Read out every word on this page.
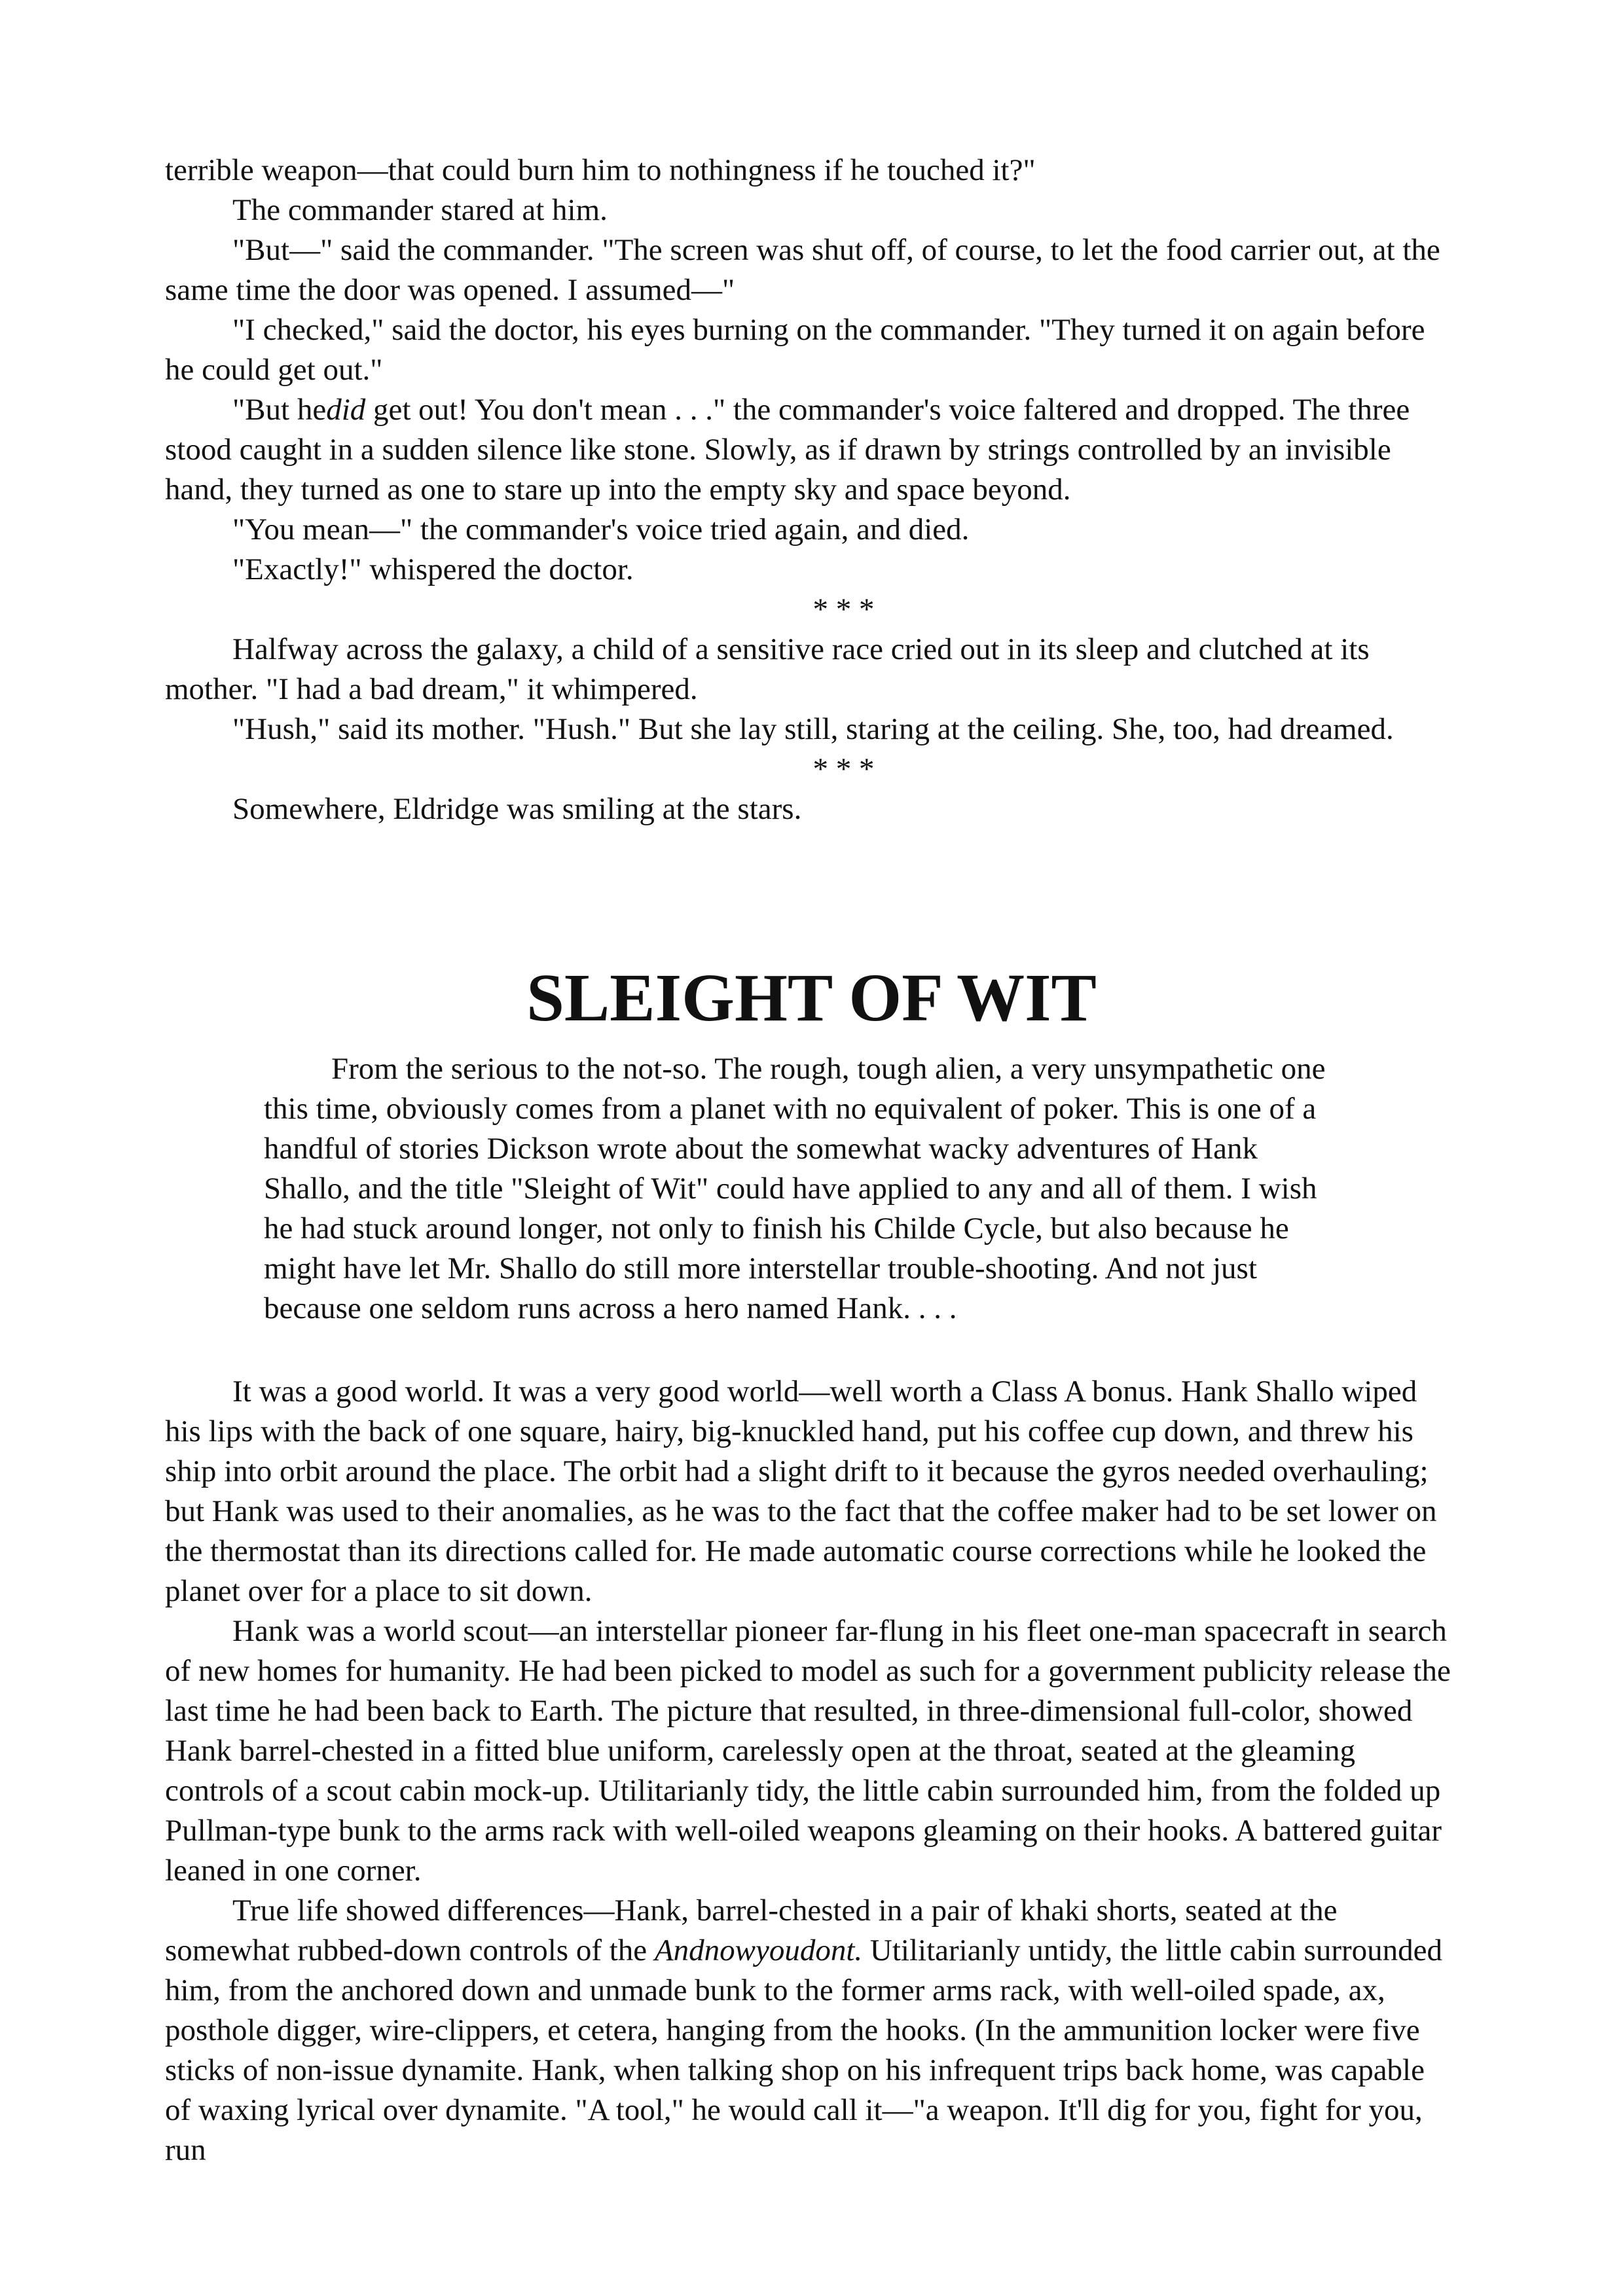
terrible weapon—that could burn him to nothingness if he touched it?"

The commander stared at him.

"But—" said the commander. "The screen was shut off, of course, to let the food carrier out, at the same time the door was opened. I assumed—"

"I checked," said the doctor, his eyes burning on the commander. "They turned it on again before he could get out."

"But hedid get out! You don't mean . . ." the commander's voice faltered and dropped. The three stood caught in a sudden silence like stone. Slowly, as if drawn by strings controlled by an invisible hand, they turned as one to stare up into the empty sky and space beyond.

"You mean—" the commander's voice tried again, and died.

"Exactly!" whispered the doctor.

* * *

Halfway across the galaxy, a child of a sensitive race cried out in its sleep and clutched at its mother. "I had a bad dream," it whimpered.

"Hush," said its mother. "Hush." But she lay still, staring at the ceiling. She, too, had dreamed.

* * *

Somewhere, Eldridge was smiling at the stars.

SLEIGHT OF WIT

From the serious to the not-so. The rough, tough alien, a very unsympathetic one this time, obviously comes from a planet with no equivalent of poker. This is one of a handful of stories Dickson wrote about the somewhat wacky adventures of Hank Shallo, and the title "Sleight of Wit" could have applied to any and all of them. I wish he had stuck around longer, not only to finish his Childe Cycle, but also because he might have let Mr. Shallo do still more interstellar trouble-shooting. And not just because one seldom runs across a hero named Hank. . . .

It was a good world. It was a very good world—well worth a Class A bonus. Hank Shallo wiped his lips with the back of one square, hairy, big-knuckled hand, put his coffee cup down, and threw his ship into orbit around the place. The orbit had a slight drift to it because the gyros needed overhauling; but Hank was used to their anomalies, as he was to the fact that the coffee maker had to be set lower on the thermostat than its directions called for. He made automatic course corrections while he looked the planet over for a place to sit down.

Hank was a world scout—an interstellar pioneer far-flung in his fleet one-man spacecraft in search of new homes for humanity. He had been picked to model as such for a government publicity release the last time he had been back to Earth. The picture that resulted, in three-dimensional full-color, showed Hank barrel-chested in a fitted blue uniform, carelessly open at the throat, seated at the gleaming controls of a scout cabin mock-up. Utilitarianly tidy, the little cabin surrounded him, from the folded up Pullman-type bunk to the arms rack with well-oiled weapons gleaming on their hooks. A battered guitar leaned in one corner.

True life showed differences—Hank, barrel-chested in a pair of khaki shorts, seated at the somewhat rubbed-down controls of the Andnowyoudont. Utilitarianly untidy, the little cabin surrounded him, from the anchored down and unmade bunk to the former arms rack, with well-oiled spade, ax, posthole digger, wire-clippers, et cetera, hanging from the hooks. (In the ammunition locker were five sticks of non-issue dynamite. Hank, when talking shop on his infrequent trips back home, was capable of waxing lyrical over dynamite. "A tool," he would call it—"a weapon. It'll dig for you, fight for you, run
